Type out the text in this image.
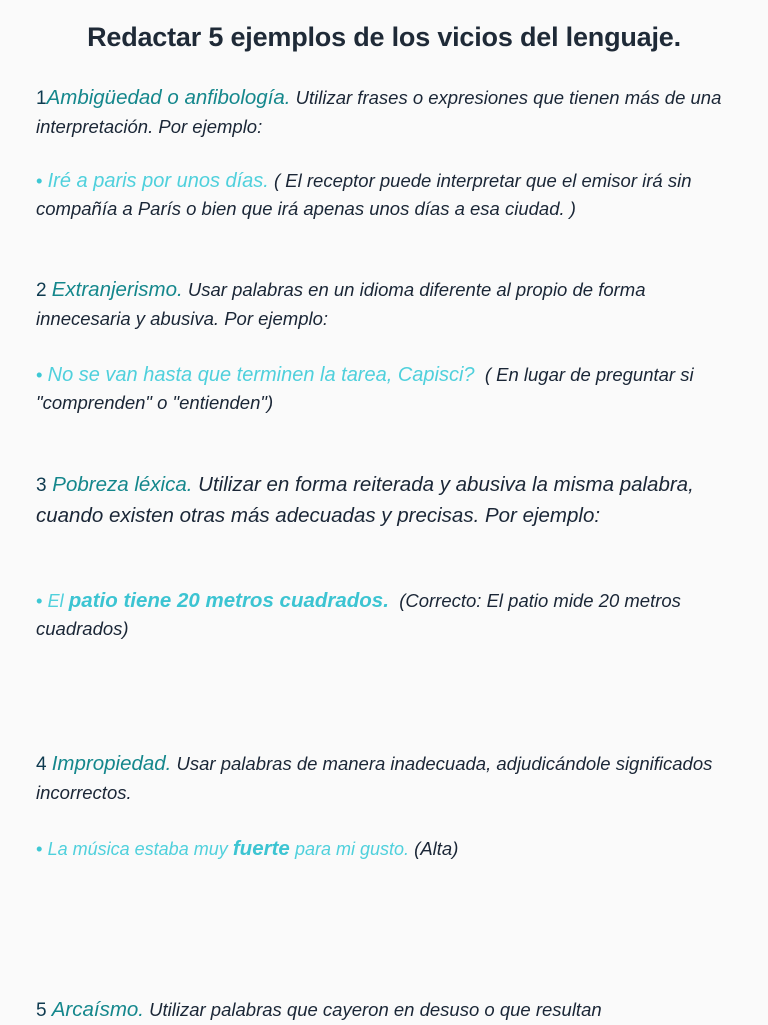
Redactar 5 ejemplos de los vicios del lenguaje.
1Ambigüedad o anfibología. Utilizar frases o expresiones que tienen más de una interpretación. Por ejemplo:
• Iré a paris por unos días. ( El receptor puede interpretar que el emisor irá sin compañía a París o bien que irá apenas unos días a esa ciudad. )
2 Extranjerismo. Usar palabras en un idioma diferente al propio de forma innecesaria y abusiva. Por ejemplo:
• No se van hasta que terminen la tarea, Capisci? ( En lugar de preguntar si "comprenden" o "entienden")
3 Pobreza léxica. Utilizar en forma reiterada y abusiva la misma palabra, cuando existen otras más adecuadas y precisas. Por ejemplo:
• El patio tiene 20 metros cuadrados. (Correcto: El patio mide 20 metros cuadrados)
4 Impropiedad. Usar palabras de manera inadecuada, adjudicándole significados incorrectos.
• La música estaba muy fuerte para mi gusto. (Alta)
5 Arcaísmo. Utilizar palabras que cayeron en desuso o que resultan
